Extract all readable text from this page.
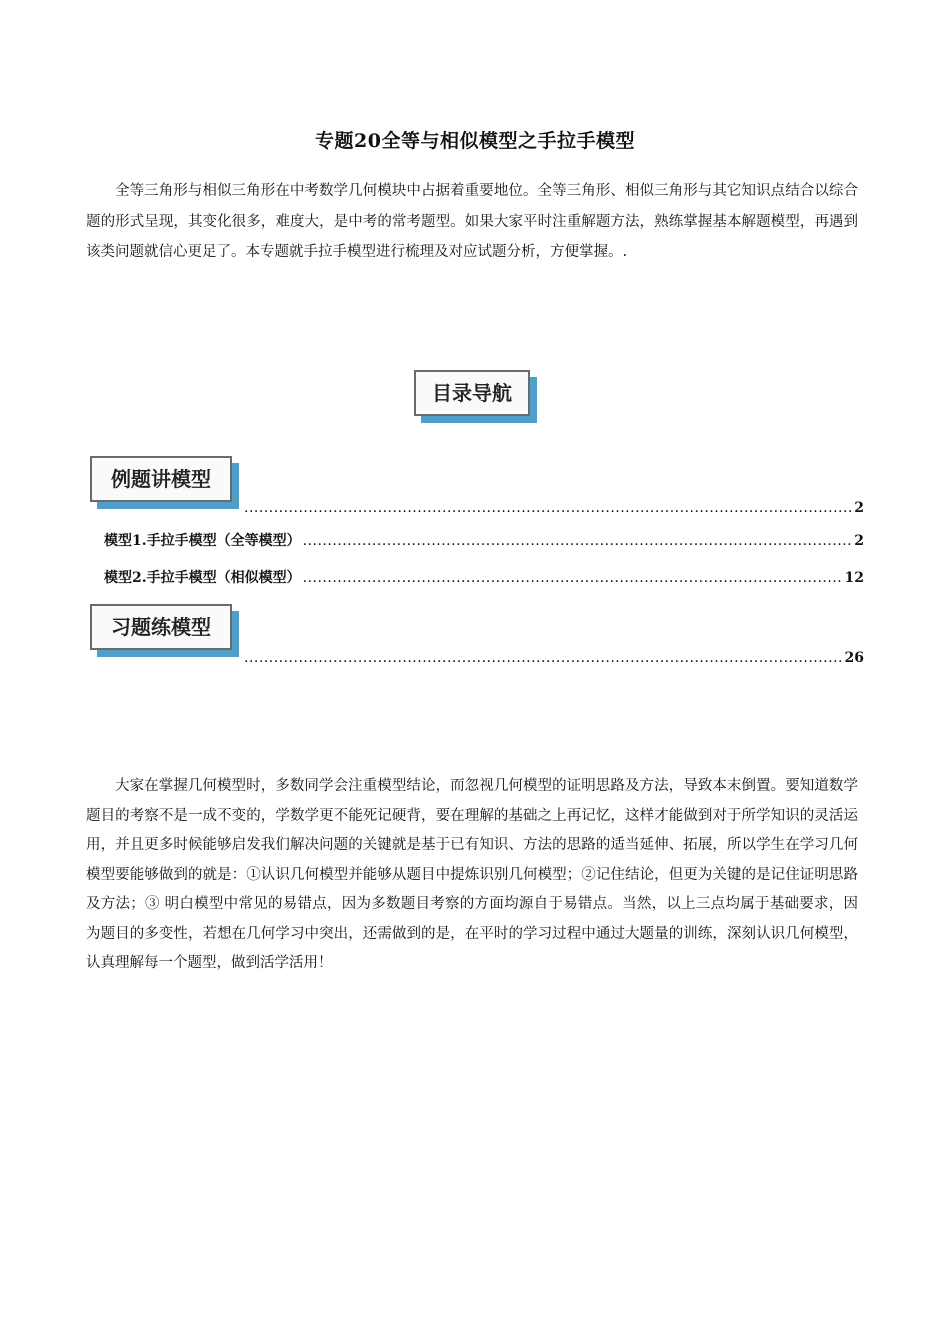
专题20全等与相似模型之手拉手模型

全等三角形与相似三角形在中考数学几何模块中占据着重要地位。全等三角形、相似三角形与其它知识点结合以综合题的形式呈现，其变化很多，难度大，是中考的常考题型。如果大家平时注重解题方法，熟练掌握基本解题模型，再遇到该类问题就信心更足了。本专题就手拉手模型进行梳理及对应试题分析，方便掌握。.

目录导航
例题讲模型
.....
2
模型1.手拉手模型（全等模型） .....	2
模型2.手拉手模型（相似模型） .....	12
习题练模型
.....
26

大家在掌握几何模型时，多数同学会注重模型结论，而忽视几何模型的证明思路及方法，导致本末倒置。要知道数学题目的考察不是一成不变的，学数学更不能死记硬背，要在理解的基础之上再记忆，这样才能做到对于所学知识的灵活运用，并且更多时候能够启发我们解决问题的关键就是基于已有知识、方法的思路的适当延伸、拓展，所以学生在学习几何模型要能够做到的就是：①认识几何模型并能够从题目中提炼识别几何模型；②记住结论，但更为关键的是记住证明思路及方法；③ 明白模型中常见的易错点，因为多数题目考察的方面均源自于易错点。当然，以上三点均属于基础要求，因为题目的多变性，若想在几何学习中突出，还需做到的是，在平时的学习过程中通过大题量的训练，深刻认识几何模型，认真理解每一个题型，做到活学活用！
